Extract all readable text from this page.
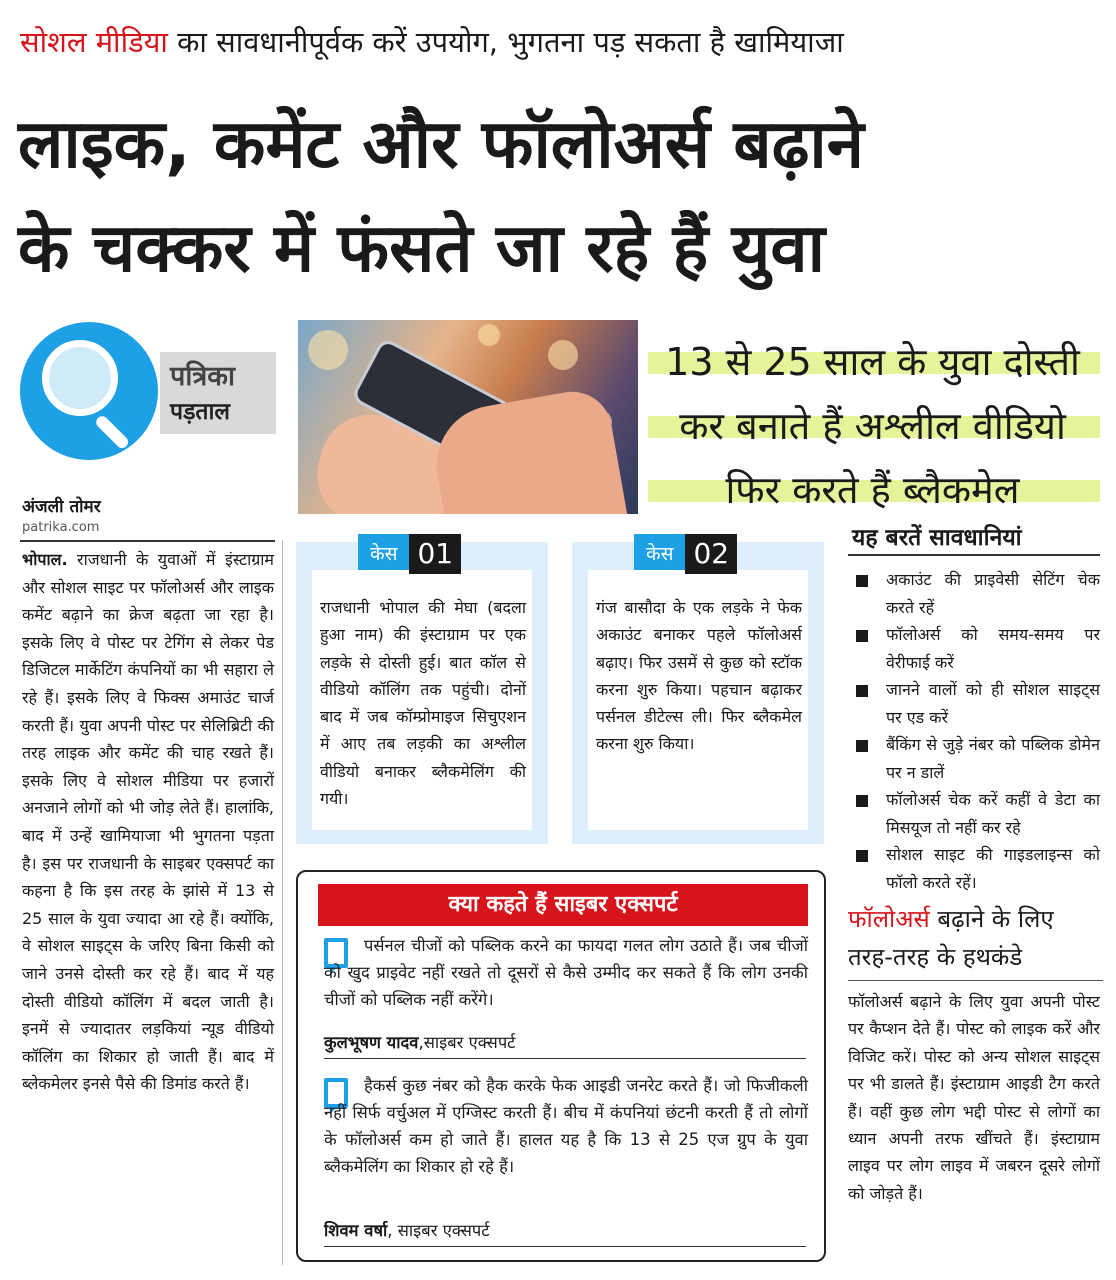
सोशल मीडिया का सावधानीपूर्वक करें उपयोग, भुगतना पड़ सकता है खामियाजा
लाइक, कमेंट और फॉलोअर्स बढ़ाने
के चक्कर में फंसते जा रहे हैं युवा
पत्रिका
पड़ताल
अंजली तोमर
patrika.com
भोपाल. राजधानी के युवाओं में इंस्टाग्राम और सोशल साइट पर फॉलोअर्स और लाइक कमेंट बढ़ाने का क्रेज बढ़ता जा रहा है। इसके लिए वे पोस्ट पर टेगिंग से लेकर पेड डिजिटल मार्केटिंग कंपनियों का भी सहारा ले रहे हैं। इसके लिए वे फिक्स अमाउंट चार्ज करती हैं। युवा अपनी पोस्ट पर सेलिब्रिटी की तरह लाइक और कमेंट की चाह रखते हैं। इसके लिए वे सोशल मीडिया पर हजारों अनजाने लोगों को भी जोड़ लेते हैं। हालांकि, बाद में उन्हें खामियाजा भी भुगतना पड़ता है। इस पर राजधानी के साइबर एक्सपर्ट का कहना है कि इस तरह के झांसे में 13 से 25 साल के युवा ज्यादा आ रहे हैं। क्योंकि, वे सोशल साइट्स के जरिए बिना किसी को जाने उनसे दोस्ती कर रहे हैं। बाद में यह दोस्ती वीडियो कॉलिंग में बदल जाती है। इनमें से ज्यादातर लड़कियां न्यूड वीडियो कॉलिंग का शिकार हो जाती हैं। बाद में ब्लेकमेलर इनसे पैसे की डिमांड करते हैं।
13 से 25 साल के युवा दोस्ती
कर बनाते हैं अश्लील वीडियो
फिर करते हैं ब्लैकमेल
राजधानी भोपाल की मेघा (बदला हुआ नाम) की इंस्टाग्राम पर एक लड़के से दोस्ती हुई। बात कॉल से वीडियो कॉलिंग तक पहुंची। दोनों बाद में जब कॉम्प्रोमाइज सिचुएशन में आए तब लड़की का अश्लील वीडियो बनाकर ब्लैकमेलिंग की गयी।
केस 01
गंज बासौदा के एक लड़के ने फेक अकाउंट बनाकर पहले फॉलोअर्स बढ़ाए। फिर उसमें से कुछ को स्टॉक करना शुरु किया। पहचान बढ़ाकर पर्सनल डीटेल्स ली। फिर ब्लैकमेल करना शुरु किया।
केस 02	यह बरतें सावधानियां
अकाउंट की प्राइवेसी सेटिंग चेक करते रहें
फॉलोअर्स को समय-समय पर वेरीफाई करें
जानने वालों को ही सोशल साइट्स पर एड करें
बैंकिंग से जुड़े नंबर को पब्लिक डोमेन पर न डालें
फॉलोअर्स चेक करें कहीं वे डेटा का मिसयूज तो नहीं कर रहे
सोशल साइट की गाइडलाइन्स को फॉलो करते रहें।
फॉलोअर्स बढ़ाने के लिए तरह-तरह के हथकंडे
फॉलोअर्स बढ़ाने के लिए युवा अपनी पोस्ट पर कैप्शन देते हैं। पोस्ट को लाइक करें और विजिट करें। पोस्ट को अन्य सोशल साइट्स पर भी डालते हैं। इंस्टाग्राम आइडी टैग करते हैं। वहीं कुछ लोग भद्दी पोस्ट से लोगों का ध्यान अपनी तरफ खींचते हैं। इंस्टाग्राम लाइव पर लोग लाइव में जबरन दूसरे लोगों को जोड़ते हैं।
क्या कहते हैं साइबर एक्सपर्ट
पर्सनल चीजों को पब्लिक करने का फायदा गलत लोग उठाते हैं। जब चीजों को खुद प्राइवेट नहीं रखते तो दूसरों से कैसे उम्मीद कर सकते हैं कि लोग उनकी चीजों को पब्लिक नहीं करेंगे।
कुलभूषण यादव,साइबर एक्सपर्ट
हैकर्स कुछ नंबर को हैक करके फेक आइडी जनरेट करते हैं। जो फिजीकली नहीं सिर्फ वर्चुअल में एग्जिस्ट करती हैं। बीच में कंपनियां छंटनी करती हैं तो लोगों के फॉलोअर्स कम हो जाते हैं। हालत यह है कि 13 से 25 एज ग्रुप के युवा ब्लैकमेलिंग का शिकार हो रहे हैं।
शिवम वर्षा, साइबर एक्सपर्ट
